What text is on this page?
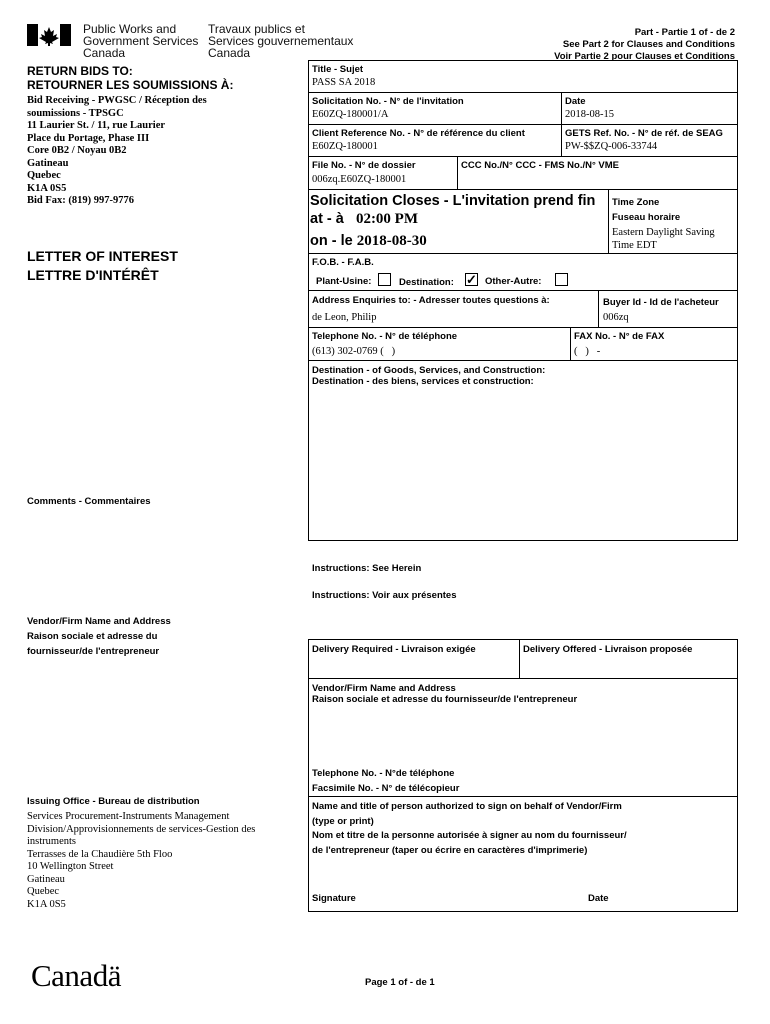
Public Works and
Government Services
Canada
Travaux publics et
Services gouvernementaux
Canada
Part - Partie 1 of - de 2
See Part 2 for Clauses and Conditions
Voir Partie 2 pour Clauses et Conditions
RETURN BIDS TO:
RETOURNER LES SOUMISSIONS À:
Bid Receiving - PWGSC / Réception des
soumissions - TPSGC
11 Laurier St. / 11, rue Laurier
Place du Portage, Phase III
Core 0B2 / Noyau 0B2
Gatineau
Quebec
K1A 0S5
Bid Fax: (819) 997-9776
LETTER OF INTEREST
LETTRE D'INTÉRÊT
Title - Sujet
PASS SA 2018
Solicitation No. - N° de l'invitation
E60ZQ-180001/A
Date
2018-08-15
Client Reference No. - N° de référence du client
E60ZQ-180001
GETS Ref. No. - N° de réf. de SEAG
PW-$$ZQ-006-33744
File No. - N° de dossier
006zq.E60ZQ-180001
CCC No./N° CCC - FMS No./N° VME
Solicitation Closes - L'invitation prend fin
at - à 02:00 PM
on - le 2018-08-30
Time Zone
Fuseau horaire
Eastern Daylight Saving
Time EDT
F.O.B. - F.A.B.
Plant-Usine:	Destination: ✓ Other-Autre:
Address Enquiries to: - Adresser toutes questions à:
de Leon, Philip
Buyer Id - Id de l'acheteur
006zq
Telephone No. - N° de téléphone
(613) 302-0769 (   )
FAX No. - N° de FAX
(   )   -
Destination - of Goods, Services, and Construction:
Destination - des biens, services et construction:
Comments - Commentaires
Instructions: See Herein
Instructions: Voir aux présentes
Vendor/Firm Name and Address
Raison sociale et adresse du
fournisseur/de l'entrepreneur	Delivery Required - Livraison exigée	Delivery Offered - Livraison proposée
Vendor/Firm Name and Address
Raison sociale et adresse du fournisseur/de l'entrepreneur
Telephone No. - N°de téléphone
Facsimile No. - N° de télécopieur
Name and title of person authorized to sign on behalf of Vendor/Firm
(type or print)
Nom et titre de la personne autorisée à signer au nom du fournisseur/
de l'entrepreneur (taper ou écrire en caractères d'imprimerie)
Signature	Date
Issuing Office - Bureau de distribution
Services Procurement-Instruments Management
Division/Approvisionnements de services-Gestion des
instruments
Terrasses de la Chaudière 5th Floo
10 Wellington Street
Gatineau
Quebec
K1A 0S5
Canadä	Page 1 of - de 1
